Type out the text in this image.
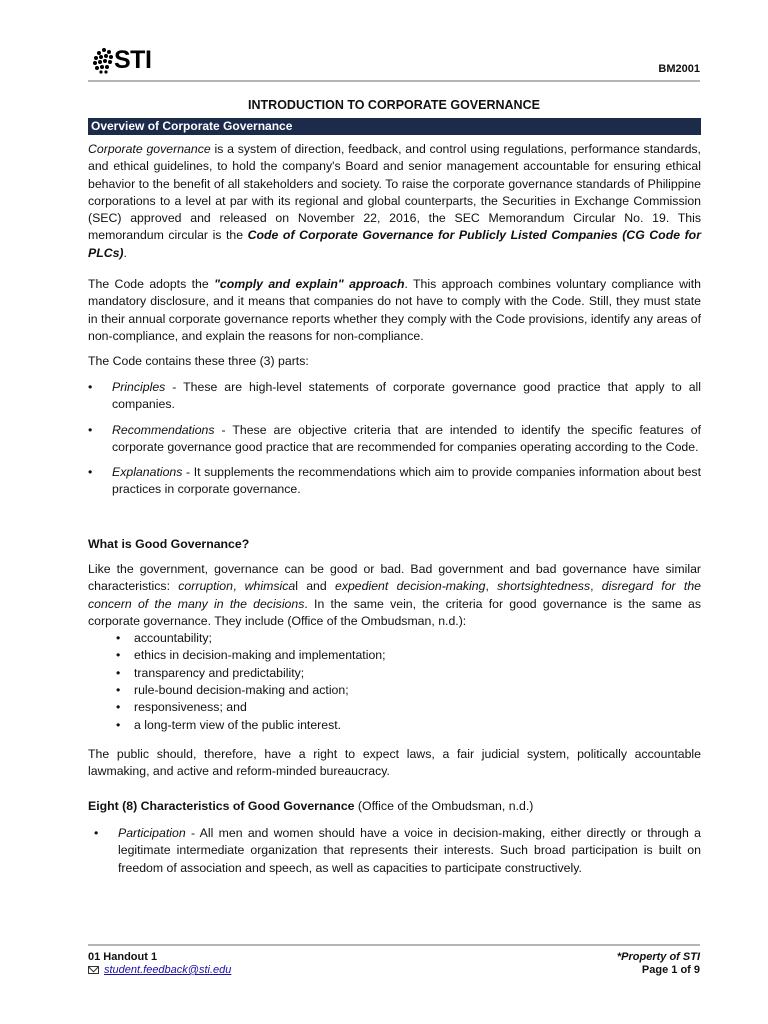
STI	BM2001
INTRODUCTION TO CORPORATE GOVERNANCE
Overview of Corporate Governance

Corporate governance is a system of direction, feedback, and control using regulations, performance standards, and ethical guidelines, to hold the company's Board and senior management accountable for ensuring ethical behavior to the benefit of all stakeholders and society. To raise the corporate governance standards of Philippine corporations to a level at par with its regional and global counterparts, the Securities in Exchange Commission (SEC) approved and released on November 22, 2016, the SEC Memorandum Circular No. 19. This memorandum circular is the Code of Corporate Governance for Publicly Listed Companies (CG Code for PLCs).

The Code adopts the "comply and explain" approach. This approach combines voluntary compliance with mandatory disclosure, and it means that companies do not have to comply with the Code. Still, they must state in their annual corporate governance reports whether they comply with the Code provisions, identify any areas of non-compliance, and explain the reasons for non-compliance.

The Code contains these three (3) parts:

• Principles - These are high-level statements of corporate governance good practice that apply to all companies.
• Recommendations - These are objective criteria that are intended to identify the specific features of corporate governance good practice that are recommended for companies operating according to the Code.
• Explanations - It supplements the recommendations which aim to provide companies information about best practices in corporate governance.

What is Good Governance?

Like the government, governance can be good or bad. Bad government and bad governance have similar characteristics: corruption, whimsical and expedient decision-making, shortsightedness, disregard for the concern of the many in the decisions. In the same vein, the criteria for good governance is the same as corporate governance. They include (Office of the Ombudsman, n.d.):

• accountability;
• ethics in decision-making and implementation;
• transparency and predictability;
• rule-bound decision-making and action;
• responsiveness; and
• a long-term view of the public interest.

The public should, therefore, have a right to expect laws, a fair judicial system, politically accountable lawmaking, and active and reform-minded bureaucracy.

Eight (8) Characteristics of Good Governance (Office of the Ombudsman, n.d.)

• Participation - All men and women should have a voice in decision-making, either directly or through a legitimate intermediate organization that represents their interests. Such broad participation is built on freedom of association and speech, as well as capacities to participate constructively.
01 Handout 1
student.feedback@sti.edu
*Property of STI
Page 1 of 9
